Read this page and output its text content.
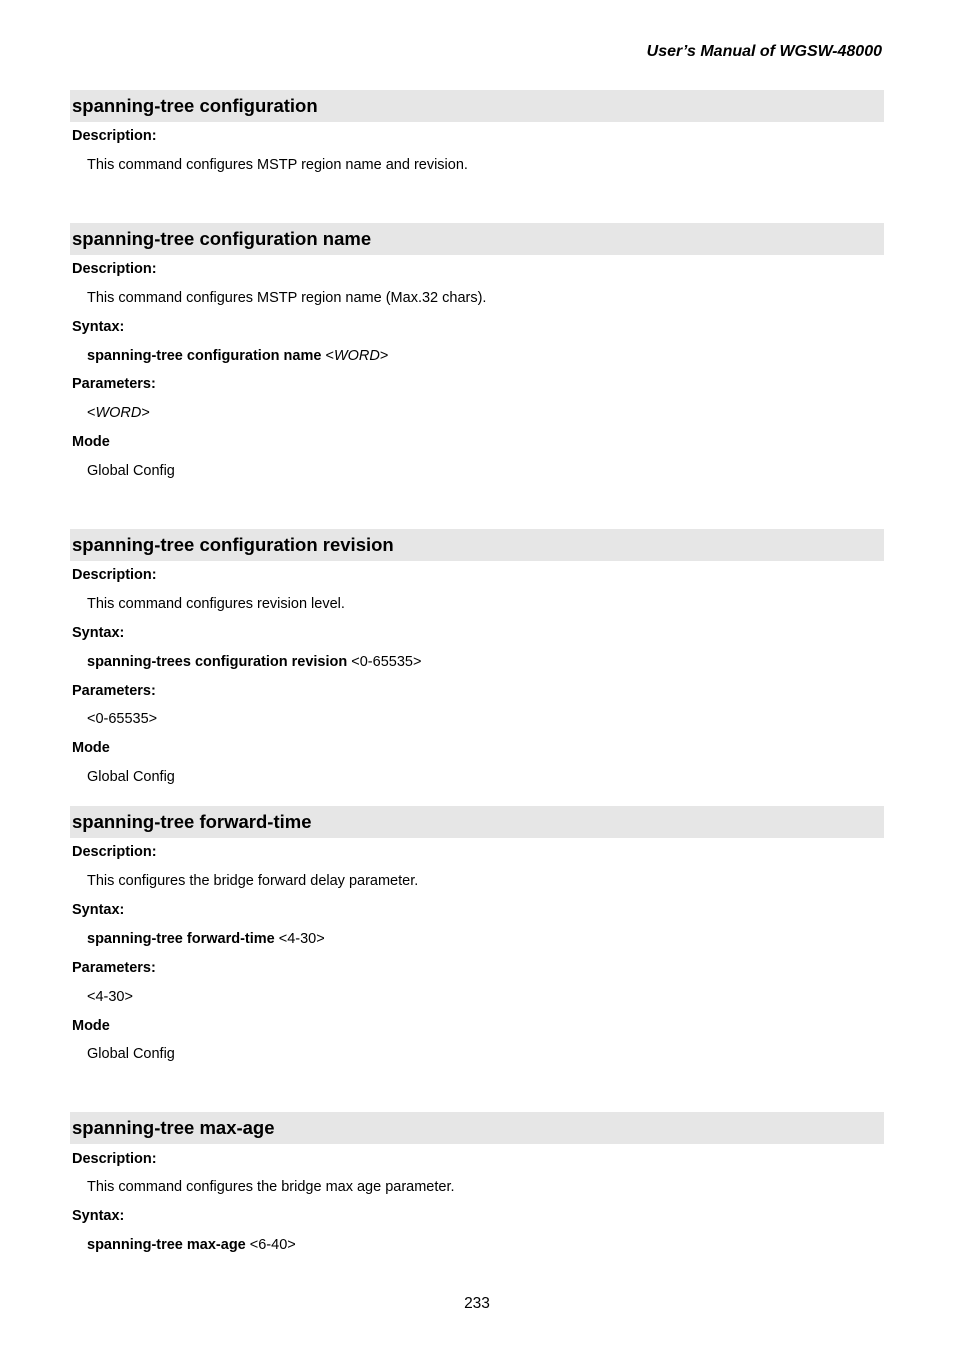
User’s Manual of WGSW-48000
spanning-tree configuration
Description:
This command configures MSTP region name and revision.
spanning-tree configuration name
Description:
This command configures MSTP region name (Max.32 chars).
Syntax:
spanning-tree configuration name <WORD>
Parameters:
<WORD>
Mode
Global Config
spanning-tree configuration revision
Description:
This command configures revision level.
Syntax:
spanning-trees configuration revision <0-65535>
Parameters:
<0-65535>
Mode
Global Config
spanning-tree forward-time
Description:
This configures the bridge forward delay parameter.
Syntax:
spanning-tree forward-time <4-30>
Parameters:
<4-30>
Mode
Global Config
spanning-tree max-age
Description:
This command configures the bridge max age parameter.
Syntax:
spanning-tree max-age <6-40>
233
